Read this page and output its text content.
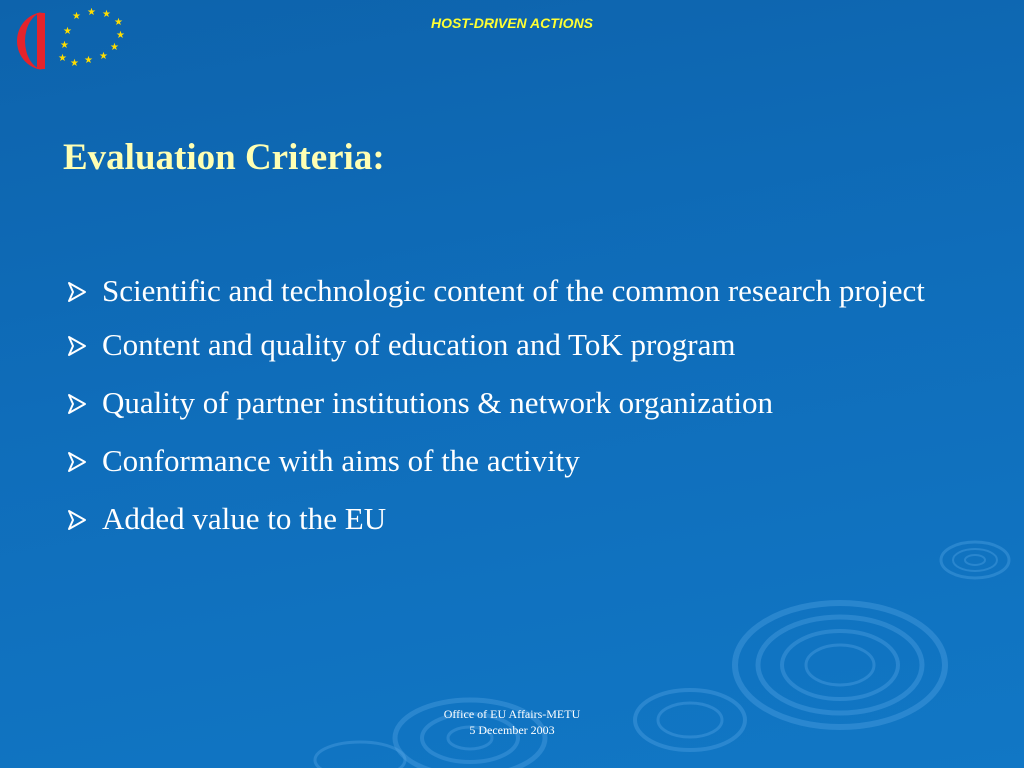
★ ★ ★
★
★
★
★
★
★
★
★
★
HOST-DRIVEN ACTIONS
Evaluation Criteria:
Scientific and technologic content of the common research project
Content and quality of education and ToK program
Quality of partner institutions & network organization
Conformance with aims of the activity
Added value to the EU
Office of EU Affairs-METU
5 December 2003
